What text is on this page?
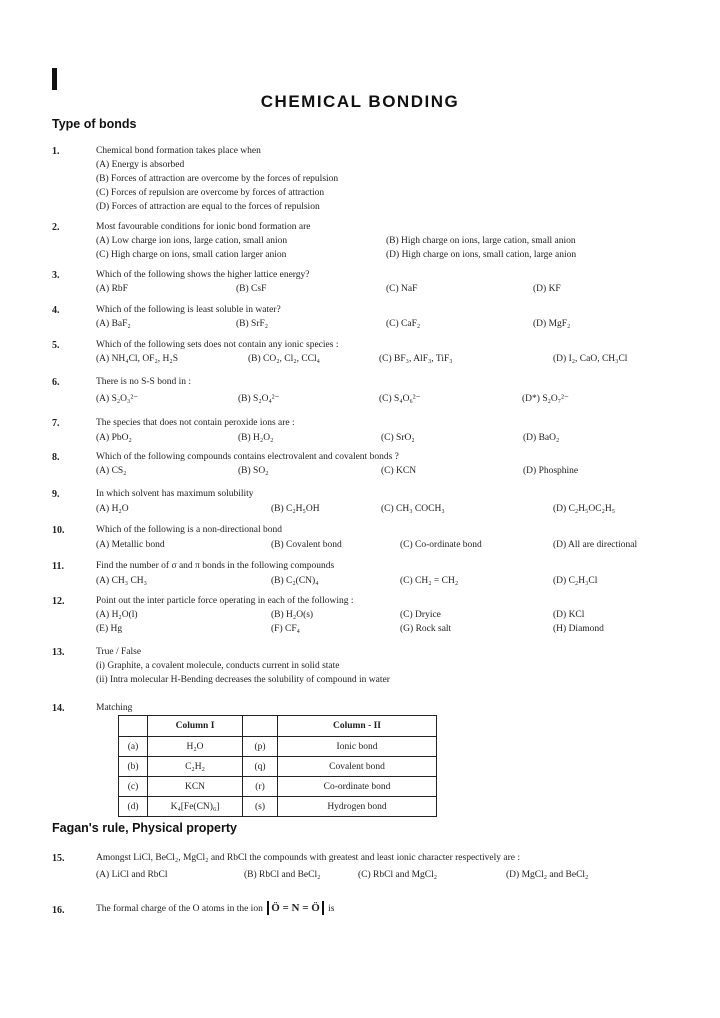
CHEMICAL BONDING
Type of bonds
1.	Chemical bond formation takes place when
(A) Energy is absorbed
(B) Forces of attraction are overcome by the forces of repulsion
(C) Forces of repulsion are overcome by forces of attraction
(D) Forces of attraction are equal to the forces of repulsion
2.	Most favourable conditions for ionic bond formation are
(A) Low charge ion ions, large cation, small anion	(B) High charge on ions, large cation, small anion
(C) High charge on ions, small cation larger anion	(D) High charge on ions, small cation, large anion
3.	Which of the following shows the higher lattice energy?
(A) RbF	(B) CsF	(C) NaF	(D) KF
4.	Which of the following is least soluble in water?
(A) BaF₂	(B) SrF₂	(C) CaF₂	(D) MgF₂
5.	Which of the following sets does not contain any ionic species :
(A) NH₄Cl, OF₂, H₂S	(B) CO₂, Cl₂, CCl₄	(C) BF₃, AlF₃, TiF₃	(D) I₂, CaO, CH₃Cl
6.	There is no S-S bond in :
(A) S₂O₃²⁻	(B) S₂O₄²⁻	(C) S₄O₆²⁻	(D*) S₂O₇²⁻
7.	The species that does not contain peroxide ions are :
(A) PbO₂	(B) H₂O₂	(C) SrO₂	(D) BaO₂
8.	Which of the following compounds contains electrovalent and covalent bonds ?
(A) CS₂	(B) SO₂	(C) KCN	(D) Phosphine
9.	In which solvent has maximum solubility
(A) H₂O	(B) C₂H₅OH	(C) CH₃ COCH₃	(D) C₂H₅OC₂H₅
10.	Which of the following is a non-directional bond
(A) Metallic bond	(B) Covalent bond	(C) Co-ordinate bond	(D) All are directional
11.	Find the number of σ and π bonds in the following compounds
(A) CH₃ CH₃	(B) C₂(CN)₄	(C) CH₂ = CH₂	(D) C₂H₃Cl
12.	Point out the inter particle force operating in each of the following :
(A) H₂O(l)	(B) H₂O(s)	(C) Dryice	(D) KCl
(E) Hg	(F) CF₄	(G) Rock salt	(H) Diamond
13.	True / False
(i) Graphite, a covalent molecule, conducts current in solid state
(ii) Intra molecular H-Bending decreases the solubility of compound in water
14.	Matching
	Column I		Column - II
(a)	H₂O	(p)	Ionic bond
(b)	C₂H₂	(q)	Covalent bond
(c)	KCN	(r)	Co-ordinate bond
(d)	K₄[Fe(CN)₆]	(s)	Hydrogen bond
Fagan's rule, Physical property
15.	Amongst LiCl, BeCl₂, MgCl₂ and RbCl the compounds with greatest and least ionic character respectively are :
(A) LiCl and RbCl	(B) RbCl and BeCl₂	(C) RbCl and MgCl₂	(D) MgCl₂ and BeCl₂
16.	The formal charge of the O atoms in the ion Ö = N = Ö is
